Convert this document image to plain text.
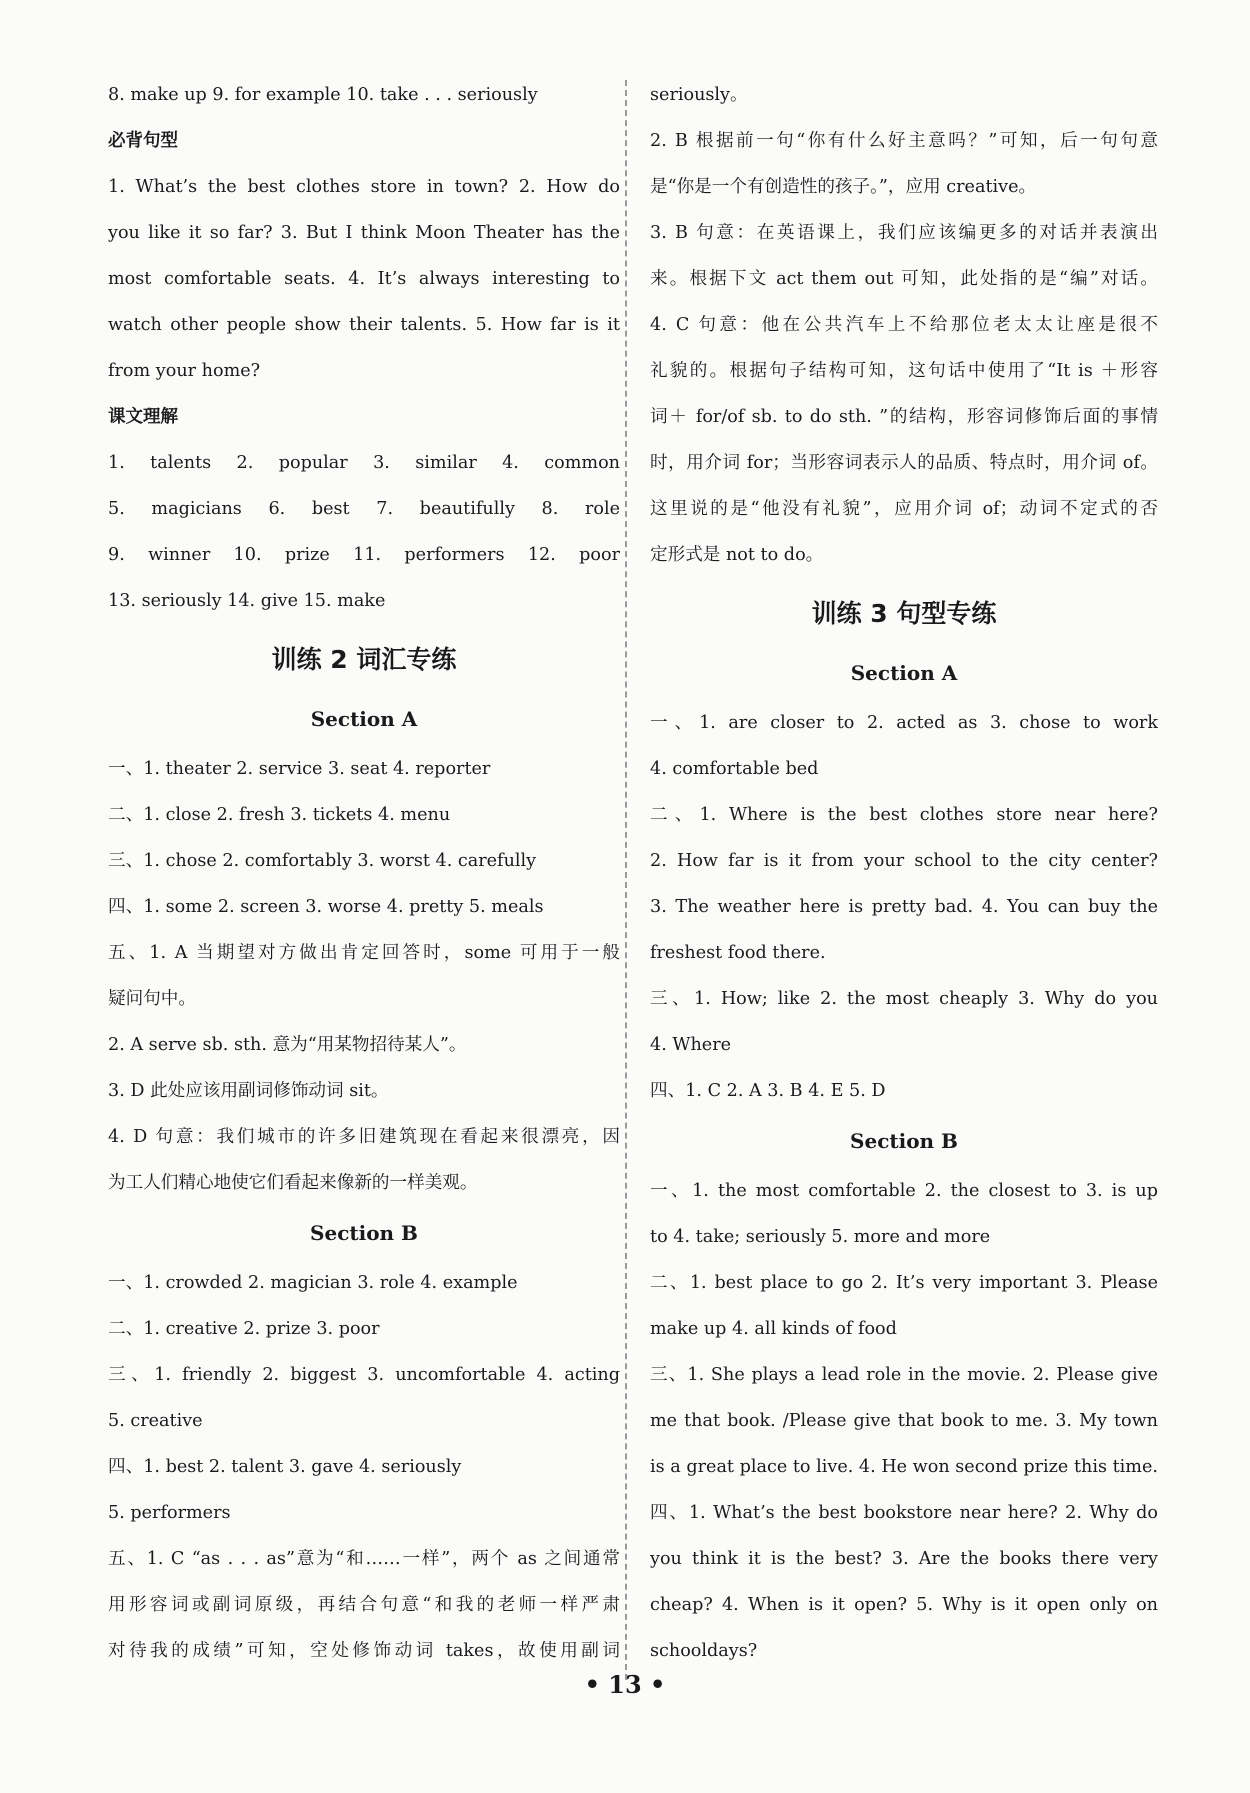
8. make up 9. for example 10. take . . . seriously
必背句型
1. What’s the best clothes store in town? 2. How do
you like it so far? 3. But I think Moon Theater has the
most comfortable seats. 4. It’s always interesting to
watch other people show their talents. 5. How far is it
from your home?
课文理解
1. talents 2. popular 3. similar 4. common
5. magicians 6. best 7. beautifully 8. role
9. winner 10. prize 11. performers 12. poor
13. seriously 14. give 15. make
训练 2 词汇专练
Section A
一、1. theater 2. service 3. seat 4. reporter
二、1. close 2. fresh 3. tickets 4. menu
三、1. chose 2. comfortably 3. worst 4. carefully
四、1. some 2. screen 3. worse 4. pretty 5. meals
五、1. A 当期望对方做出肯定回答时，some 可用于一般
疑问句中。
2. A serve sb. sth. 意为“用某物招待某人”。
3. D 此处应该用副词修饰动词 sit。
4. D 句意：我们城市的许多旧建筑现在看起来很漂亮，因
为工人们精心地使它们看起来像新的一样美观。
Section B
一、1. crowded 2. magician 3. role 4. example
二、1. creative 2. prize 3. poor
三、1. friendly 2. biggest 3. uncomfortable 4. acting
5. creative
四、1. best 2. talent 3. gave 4. seriously
5. performers
五、1. C “as . . . as”意为“和……一样”，两个 as 之间通常
用形容词或副词原级，再结合句意“和我的老师一样严肃
对待我的成绩”可知，空处修饰动词 takes，故使用副词
seriously。
2. B 根据前一句“你有什么好主意吗？”可知，后一句句意
是“你是一个有创造性的孩子。”，应用 creative。
3. B 句意：在英语课上，我们应该编更多的对话并表演出
来。根据下文 act them out 可知，此处指的是“编”对话。
4. C 句意：他在公共汽车上不给那位老太太让座是很不
礼貌的。根据句子结构可知，这句话中使用了“It is ＋形容
词＋ for/of sb. to do sth. ”的结构，形容词修饰后面的事情
时，用介词 for；当形容词表示人的品质、特点时，用介词 of。
这里说的是“他没有礼貌”，应用介词 of；动词不定式的否
定形式是 not to do。
训练 3 句型专练
Section A
一、1. are closer to 2. acted as 3. chose to work
4. comfortable bed
二、1. Where is the best clothes store near here?
2. How far is it from your school to the city center?
3. The weather here is pretty bad. 4. You can buy the
freshest food there.
三、1. How; like 2. the most cheaply 3. Why do you
4. Where
四、1. C 2. A 3. B 4. E 5. D
Section B
一、1. the most comfortable 2. the closest to 3. is up
to 4. take; seriously 5. more and more
二、1. best place to go 2. It’s very important 3. Please
make up 4. all kinds of food
三、1. She plays a lead role in the movie. 2. Please give
me that book. /Please give that book to me. 3. My town
is a great place to live. 4. He won second prize this time.
四、1. What’s the best bookstore near here? 2. Why do
you think it is the best? 3. Are the books there very
cheap? 4. When is it open? 5. Why is it open only on
schooldays?
• 13 •
